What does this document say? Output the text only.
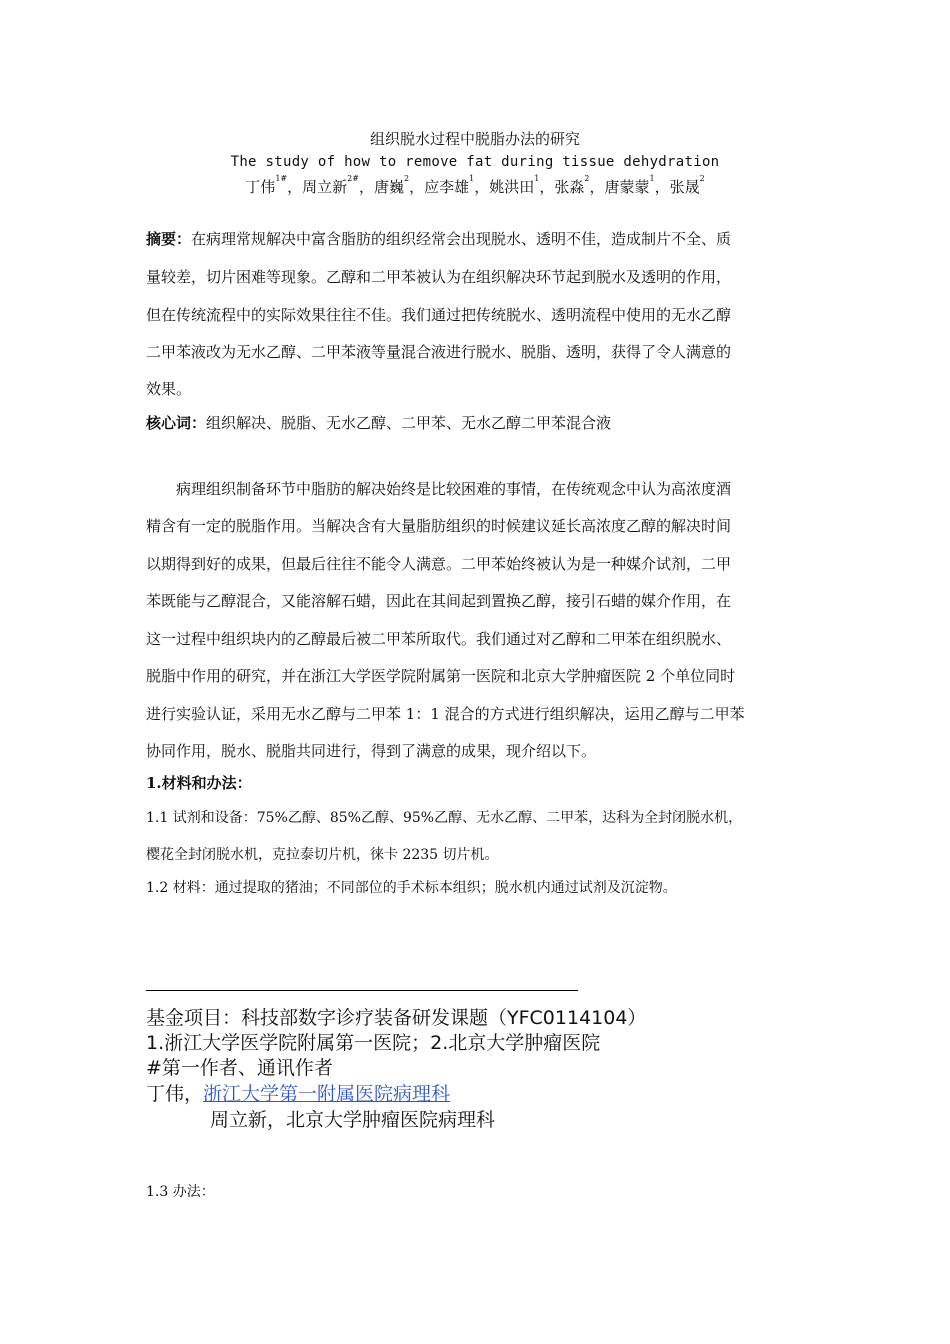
组织脱水过程中脱脂办法的研究
The study of how to remove fat during tissue dehydration
丁伟$^{1\#}$，周立新$^{2\#}$，唐巍$^2$，应李雄$^1$，姚洪田$^1$，张淼$^2$，唐蒙蒙$^1$，张晟$^2$
摘要：在病理常规解决中富含脂肪的组织经常会出现脱水、透明不佳，造成制片不全、质
量较差，切片困难等现象。乙醇和二甲苯被认为在组织解决环节起到脱水及透明的作用，
但在传统流程中的实际效果往往不佳。我们通过把传统脱水、透明流程中使用的无水乙醇
二甲苯液改为无水乙醇、二甲苯液等量混合液进行脱水、脱脂、透明，获得了令人满意的
效果。
核心词：组织解决、脱脂、无水乙醇、二甲苯、无水乙醇二甲苯混合液
病理组织制备环节中脂肪的解决始终是比较困难的事情，在传统观念中认为高浓度酒
精含有一定的脱脂作用。当解决含有大量脂肪组织的时候建议延长高浓度乙醇的解决时间
以期得到好的成果，但最后往往不能令人满意。二甲苯始终被认为是一种媒介试剂，二甲
苯既能与乙醇混合，又能溶解石蜡，因此在其间起到置换乙醇，接引石蜡的媒介作用，在
这一过程中组织块内的乙醇最后被二甲苯所取代。我们通过对乙醇和二甲苯在组织脱水、
脱脂中作用的研究，并在浙江大学医学院附属第一医院和北京大学肿瘤医院 2 个单位同时
进行实验认证，采用无水乙醇与二甲苯 1：1 混合的方式进行组织解决，运用乙醇与二甲苯
协同作用，脱水、脱脂共同进行，得到了满意的成果，现介绍以下。
1.材料和办法：
1.1 试剂和设备：75%乙醇、85%乙醇、95%乙醇、无水乙醇、二甲苯，达科为全封闭脱水机，
樱花全封闭脱水机，克拉泰切片机，徕卡 2235 切片机。
1.2 材料：通过提取的猪油；不同部位的手术标本组织；脱水机内通过试剂及沉淀物。
基金项目：科技部数字诊疗装备研发课题（YFC0114104）
1.浙江大学医学院附属第一医院；2.北京大学肿瘤医院
#第一作者、通讯作者
丁伟，浙江大学第一附属医院病理科
周立新，北京大学肿瘤医院病理科
1.3 办法：
